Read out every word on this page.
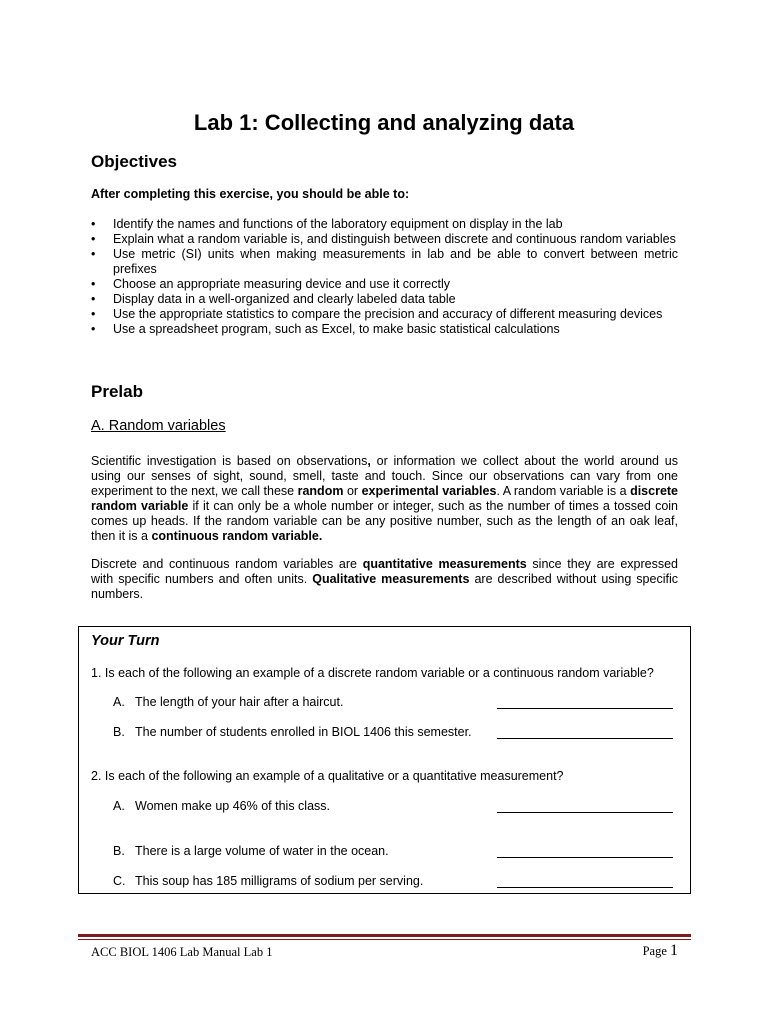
Lab 1: Collecting and analyzing data
Objectives
After completing this exercise, you should be able to:
• Identify the names and functions of the laboratory equipment on display in the lab
• Explain what a random variable is, and distinguish between discrete and continuous random variables
• Use metric (SI) units when making measurements in lab and be able to convert between metric prefixes
• Choose an appropriate measuring device and use it correctly
• Display data in a well-organized and clearly labeled data table
• Use the appropriate statistics to compare the precision and accuracy of different measuring devices
• Use a spreadsheet program, such as Excel, to make basic statistical calculations
Prelab
A. Random variables

Scientific investigation is based on observations, or information we collect about the world around us using our senses of sight, sound, smell, taste and touch. Since our observations can vary from one experiment to the next, we call these random or experimental variables. A random variable is a discrete random variable if it can only be a whole number or integer, such as the number of times a tossed coin comes up heads. If the random variable can be any positive number, such as the length of an oak leaf, then it is a continuous random variable.

Discrete and continuous random variables are quantitative measurements since they are expressed with specific numbers and often units. Qualitative measurements are described without using specific numbers.

Your Turn
1. Is each of the following an example of a discrete random variable or a continuous random variable?
A. The length of your hair after a haircut.
B. The number of students enrolled in BIOL 1406 this semester.
2. Is each of the following an example of a qualitative or a quantitative measurement?
A. Women make up 46% of this class.
B. There is a large volume of water in the ocean.
C. This soup has 185 milligrams of sodium per serving.
ACC BIOL 1406 Lab Manual Lab 1	Page 1
